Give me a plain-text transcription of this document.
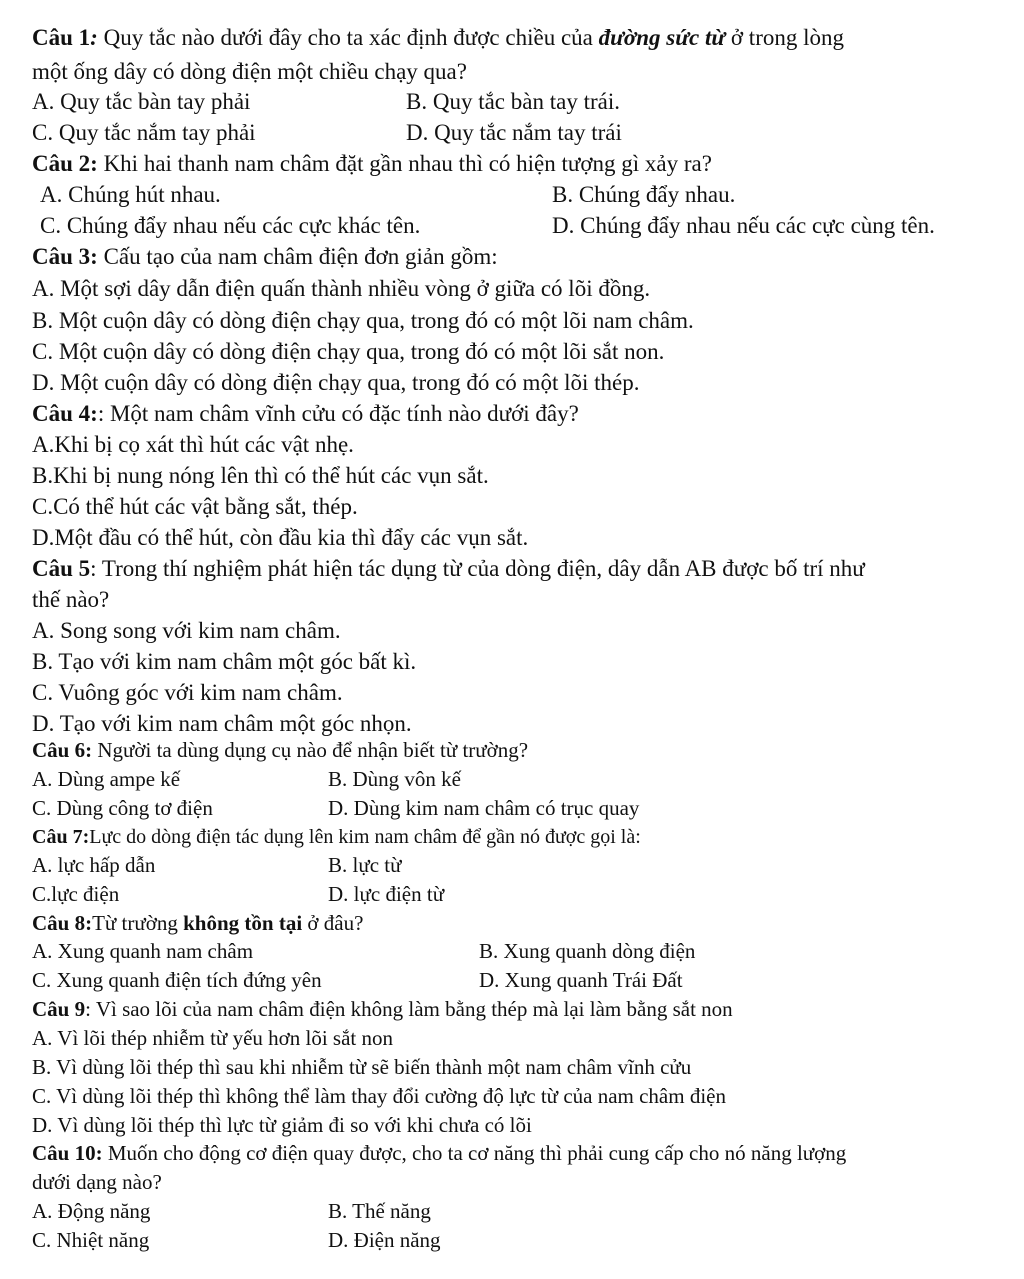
Câu 1: Quy tắc nào dưới đây cho ta xác định được chiều của đường sức từ ở trong lòng
một ống dây có dòng điện một chiều chạy qua?
A. Quy tắc bàn tay phải	B. Quy tắc bàn tay trái.
C. Quy tắc nắm tay phải	D. Quy tắc nắm tay trái
Câu 2: Khi hai thanh nam châm đặt gần nhau thì có hiện tượng gì xảy ra?
A. Chúng hút nhau.	B. Chúng đẩy nhau.
C. Chúng đẩy nhau nếu các cực khác tên.	D. Chúng đẩy nhau nếu các cực cùng tên.
Câu 3: Cấu tạo của nam châm điện đơn giản gồm:
A. Một sợi dây dẫn điện quấn thành nhiều vòng ở giữa có lõi đồng.
B. Một cuộn dây có dòng điện chạy qua, trong đó có một lõi nam châm.
C. Một cuộn dây có dòng điện chạy qua, trong đó có một lõi sắt non.
D. Một cuộn dây có dòng điện chạy qua, trong đó có một lõi thép.
Câu 4:: Một nam châm vĩnh cửu có đặc tính nào dưới đây?
A.Khi bị cọ xát thì hút các vật nhẹ.
B.Khi bị nung nóng lên thì có thể hút các vụn sắt.
C.Có thể hút các vật bằng sắt, thép.
D.Một đầu có thể hút, còn đầu kia thì đẩy các vụn sắt.
Câu 5: Trong thí nghiệm phát hiện tác dụng từ của dòng điện, dây dẫn AB được bố trí như
thế nào?
A. Song song với kim nam châm.
B. Tạo với kim nam châm một góc bất kì.
C. Vuông góc với kim nam châm.
D. Tạo với kim nam châm một góc nhọn.
Câu 6: Người ta dùng dụng cụ nào để nhận biết từ trường?
A. Dùng ampe kế	B. Dùng vôn kế
C. Dùng công tơ điện	D. Dùng kim nam châm có trục quay
Câu 7:Lực do dòng điện tác dụng lên kim nam châm để gần nó được gọi là:
A. lực hấp dẫn	B. lực từ
C.lực điện	D. lực điện từ
Câu 8:Từ trường không tồn tại ở đâu?
A. Xung quanh nam châm	B. Xung quanh dòng điện
C. Xung quanh điện tích đứng yên	D. Xung quanh Trái Đất
Câu 9: Vì sao lõi của nam châm điện không làm bằng thép mà lại làm bằng sắt non
A. Vì lõi thép nhiễm từ yếu hơn lõi sắt non
B. Vì dùng lõi thép thì sau khi nhiễm từ sẽ biến thành một nam châm vĩnh cửu
C. Vì dùng lõi thép thì không thể làm thay đổi cường độ lực từ của nam châm điện
D. Vì dùng lõi thép thì lực từ giảm đi so với khi chưa có lõi
Câu 10: Muốn cho động cơ điện quay được, cho ta cơ năng thì phải cung cấp cho nó năng lượng
dưới dạng nào?
A. Động năng	B. Thế năng
C. Nhiệt năng	D. Điện năng
